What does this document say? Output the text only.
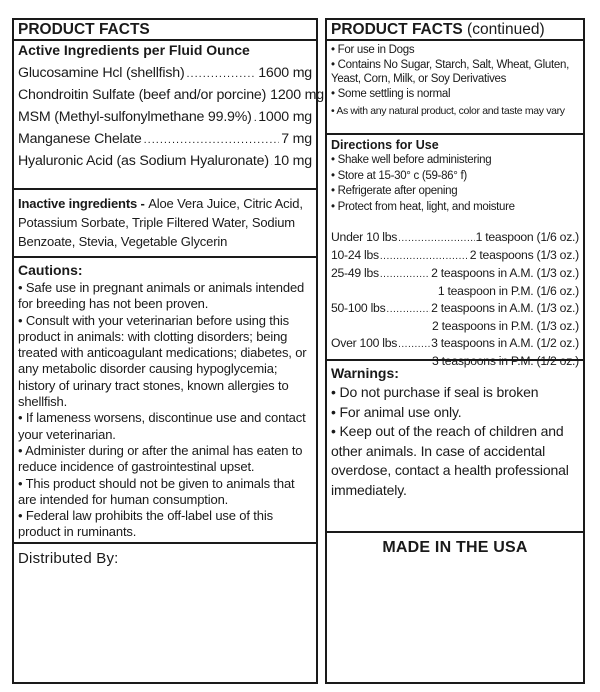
PRODUCT FACTS
Active Ingredients per Fluid Ounce
Glucosamine Hcl (shellfish) .....	1600 mg
Chondroitin Sulfate (beef and/or porcine) 1200 mg
MSM (Methyl-sulfonylmethane 99.9%) ..... 1000 mg
Manganese Chelate .....	7 mg
Hyaluronic Acid (as Sodium Hyaluronate) ..... 10 mg
Inactive ingredients - Aloe Vera Juice, Citric Acid, Potassium Sorbate, Triple Filtered Water, Sodium Benzoate, Stevia, Vegetable Glycerin
Cautions:
• Safe use in pregnant animals or animals intended for breeding has not been proven.
• Consult with your veterinarian before using this product in animals: with clotting disorders; being treated with anticoagulant medications; diabetes, or any metabolic disorder causing hypoglycemia; history of urinary tract stones, known allergies to shellfish.
• If lameness worsens, discontinue use and contact your veterinarian.
• Administer during or after the animal has eaten to reduce incidence of gastrointestinal upset.
• This product should not be given to animals that are intended for human consumption.
• Federal law prohibits the off-label use of this product in ruminants.
Distributed By:
PRODUCT FACTS (continued)
• For use in Dogs
• Contains No Sugar, Starch, Salt, Wheat, Gluten, Yeast, Corn, Milk, or Soy Derivatives
• Some settling is normal
• As with any natural product, color and taste may vary
Directions for Use
• Shake well before administering
• Store at 15-30° c (59-86° f)
• Refrigerate after opening
• Protect from heat, light, and moisture
Under 10 lbs .....	1 teaspoon (1/6 oz.)
10-24 lbs .....	2 teaspoons (1/3 oz.)
25-49 lbs .....	2 teaspoons in A.M. (1/3 oz.)
1 teaspoon in P.M. (1/6 oz.)
50-100 lbs .....	2 teaspoons in A.M. (1/3 oz.)
2 teaspoons in P.M. (1/3 oz.)
Over 100 lbs .....	3 teaspoons in A.M. (1/2 oz.)
3 teaspoons in P.M. (1/2 oz.)
Warnings:
• Do not purchase if seal is broken
• For animal use only.
• Keep out of the reach of children and other animals. In case of accidental overdose, contact a health professional immediately.
MADE IN THE USA
